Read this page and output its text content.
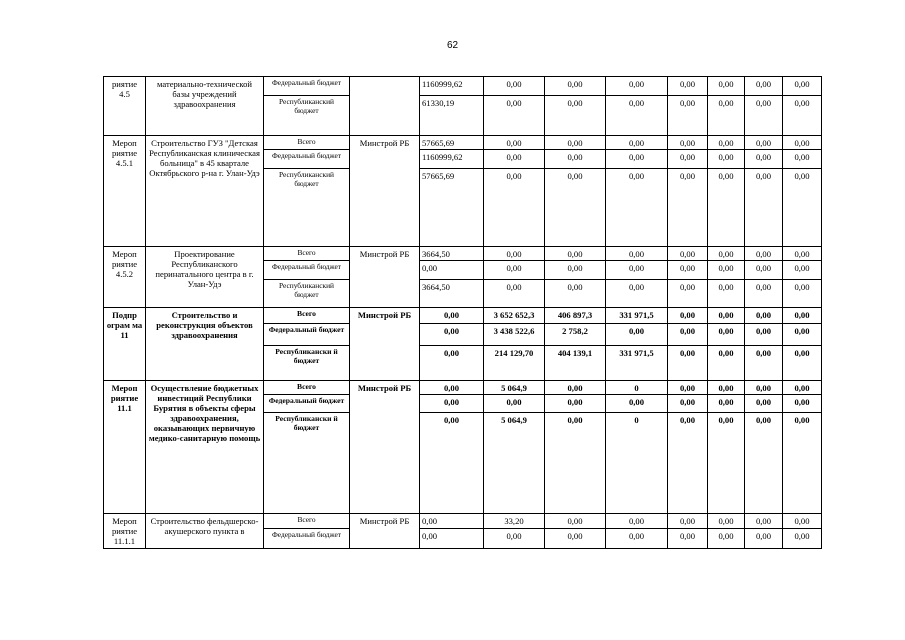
62
риятие 4.5	материально-технической базы учреждений здравоохранения	Федеральный бюджет		1160999,62	0,00	0,00	0,00	0,00	0,00	0,00	0,00
		Республиканский бюджет		61330,19	0,00	0,00	0,00	0,00	0,00	0,00	0,00
Мероп риятие 4.5.1	Строительство ГУЗ "Детская Республиканская клиническая больница" в 45 квартале Октябрьского р-на г. Улан-Удэ	Всего	Минстрой РБ	57665,69	0,00	0,00	0,00	0,00	0,00	0,00	0,00
		Федеральный бюджет		1160999,62	0,00	0,00	0,00	0,00	0,00	0,00	0,00
		Республиканский бюджет		57665,69	0,00	0,00	0,00	0,00	0,00	0,00	0,00
Мероп риятие 4.5.2	Проектирование Республиканского перинатального центра в г. Улан-Удэ	Всего	Минстрой РБ	3664,50	0,00	0,00	0,00	0,00	0,00	0,00	0,00
		Федеральный бюджет		0,00	0,00	0,00	0,00	0,00	0,00	0,00	0,00
		Республиканский бюджет		3664,50	0,00	0,00	0,00	0,00	0,00	0,00	0,00
Подпр ограм ма 11	Строительство и реконструкция объектов здравоохранения	Всего	Минстрой РБ	0,00	3 652 652,3	406 897,3	331 971,5	0,00	0,00	0,00	0,00
		Федеральный бюджет		0,00	3 438 522,6	2 758,2	0,00	0,00	0,00	0,00	0,00
		Республикански й бюджет		0,00	214 129,70	404 139,1	331 971,5	0,00	0,00	0,00	0,00
Мероп риятие 11.1	Осуществление бюджетных инвестиций Республики Бурятия в объекты сферы здравоохранения, оказывающих первичную медико-санитарную помощь	Всего	Минстрой РБ	0,00	5 064,9	0,00	0	0,00	0,00	0,00	0,00
		Федеральный бюджет		0,00	0,00	0,00	0,00	0,00	0,00	0,00	0,00
		Республикански й бюджет		0,00	5 064,9	0,00	0	0,00	0,00	0,00	0,00
Мероп риятие 11.1.1	Строительство фельдшерско-акушерского пункта в	Всего	Минстрой РБ	0,00	33,20	0,00	0,00	0,00	0,00	0,00	0,00
		Федеральный бюджет		0,00	0,00	0,00	0,00	0,00	0,00	0,00	0,00
